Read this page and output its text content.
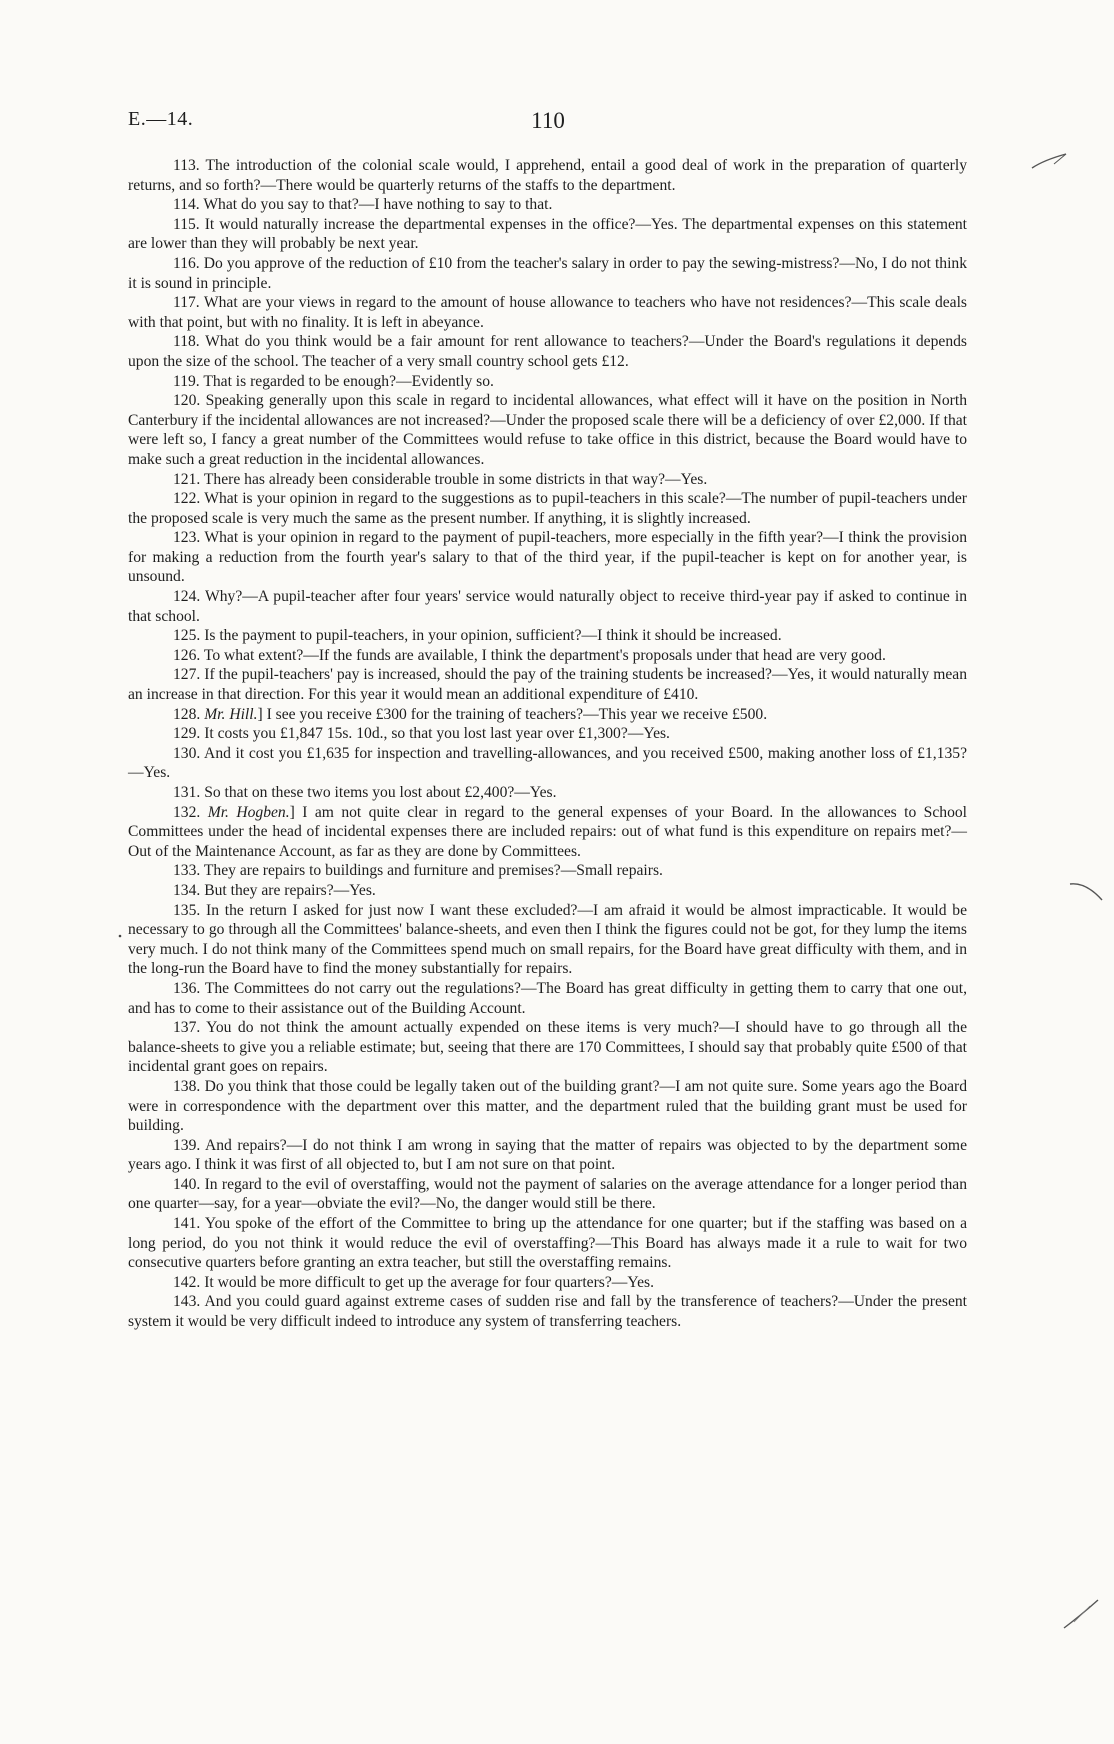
E.—14.	110

113. The introduction of the colonial scale would, I apprehend, entail a good deal of work in the preparation of quarterly returns, and so forth?—There would be quarterly returns of the staffs to the department.

114. What do you say to that?—I have nothing to say to that.

115. It would naturally increase the departmental expenses in the office?—Yes. The departmental expenses on this statement are lower than they will probably be next year.

116. Do you approve of the reduction of £10 from the teacher's salary in order to pay the sewing-mistress?—No, I do not think it is sound in principle.

117. What are your views in regard to the amount of house allowance to teachers who have not residences?—This scale deals with that point, but with no finality. It is left in abeyance.

118. What do you think would be a fair amount for rent allowance to teachers?—Under the Board's regulations it depends upon the size of the school. The teacher of a very small country school gets £12.

119. That is regarded to be enough?—Evidently so.

120. Speaking generally upon this scale in regard to incidental allowances, what effect will it have on the position in North Canterbury if the incidental allowances are not increased?—Under the proposed scale there will be a deficiency of over £2,000. If that were left so, I fancy a great number of the Committees would refuse to take office in this district, because the Board would have to make such a great reduction in the incidental allowances.

121. There has already been considerable trouble in some districts in that way?—Yes.

122. What is your opinion in regard to the suggestions as to pupil-teachers in this scale?—The number of pupil-teachers under the proposed scale is very much the same as the present number. If anything, it is slightly increased.

123. What is your opinion in regard to the payment of pupil-teachers, more especially in the fifth year?—I think the provision for making a reduction from the fourth year's salary to that of the third year, if the pupil-teacher is kept on for another year, is unsound.

124. Why?—A pupil-teacher after four years' service would naturally object to receive third-year pay if asked to continue in that school.

125. Is the payment to pupil-teachers, in your opinion, sufficient?—I think it should be increased.

126. To what extent?—If the funds are available, I think the department's proposals under that head are very good.

127. If the pupil-teachers' pay is increased, should the pay of the training students be increased?—Yes, it would naturally mean an increase in that direction. For this year it would mean an additional expenditure of £410.

128. Mr. Hill.] I see you receive £300 for the training of teachers?—This year we receive £500.

129. It costs you £1,847 15s. 10d., so that you lost last year over £1,300?—Yes.

130. And it cost you £1,635 for inspection and travelling-allowances, and you received £500, making another loss of £1,135?—Yes.

131. So that on these two items you lost about £2,400?—Yes.

132. Mr. Hogben.] I am not quite clear in regard to the general expenses of your Board. In the allowances to School Committees under the head of incidental expenses there are included repairs: out of what fund is this expenditure on repairs met?—Out of the Maintenance Account, as far as they are done by Committees.

133. They are repairs to buildings and furniture and premises?—Small repairs.

134. But they are repairs?—Yes.

135. In the return I asked for just now I want these excluded?—I am afraid it would be almost impracticable. It would be necessary to go through all the Committees' balance-sheets, and even then I think the figures could not be got, for they lump the items very much. I do not think many of the Committees spend much on small repairs, for the Board have great difficulty with them, and in the long-run the Board have to find the money substantially for repairs.

136. The Committees do not carry out the regulations?—The Board has great difficulty in getting them to carry that one out, and has to come to their assistance out of the Building Account.

137. You do not think the amount actually expended on these items is very much?—I should have to go through all the balance-sheets to give you a reliable estimate; but, seeing that there are 170 Committees, I should say that probably quite £500 of that incidental grant goes on repairs.

138. Do you think that those could be legally taken out of the building grant?—I am not quite sure. Some years ago the Board were in correspondence with the department over this matter, and the department ruled that the building grant must be used for building.

139. And repairs?—I do not think I am wrong in saying that the matter of repairs was objected to by the department some years ago. I think it was first of all objected to, but I am not sure on that point.

140. In regard to the evil of overstaffing, would not the payment of salaries on the average attendance for a longer period than one quarter—say, for a year—obviate the evil?—No, the danger would still be there.

141. You spoke of the effort of the Committee to bring up the attendance for one quarter; but if the staffing was based on a long period, do you not think it would reduce the evil of overstaffing?—This Board has always made it a rule to wait for two consecutive quarters before granting an extra teacher, but still the overstaffing remains.

142. It would be more difficult to get up the average for four quarters?—Yes.

143. And you could guard against extreme cases of sudden rise and fall by the transference of teachers?—Under the present system it would be very difficult indeed to introduce any system of transferring teachers.
